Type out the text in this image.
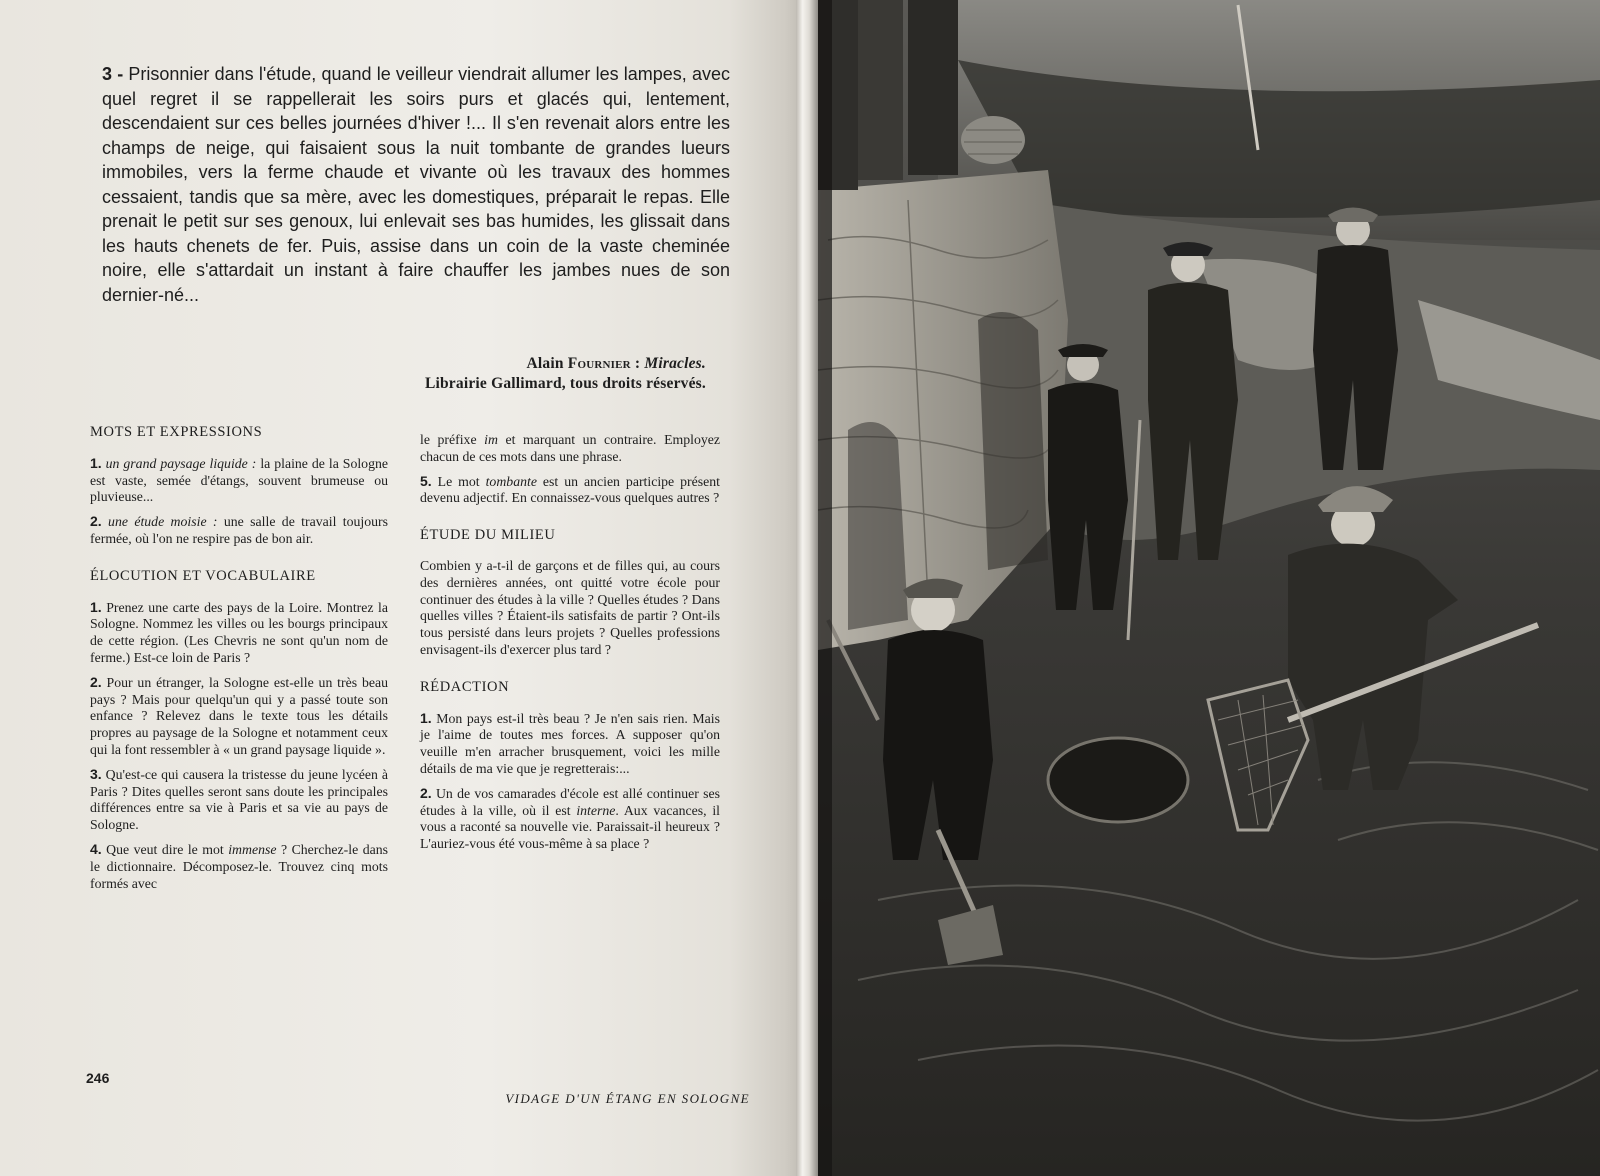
3 - Prisonnier dans l'étude, quand le veilleur viendrait allumer les lampes, avec quel regret il se rappellerait les soirs purs et glacés qui, lentement, descendaient sur ces belles journées d'hiver !... Il s'en revenait alors entre les champs de neige, qui faisaient sous la nuit tombante de grandes lueurs immobiles, vers la ferme chaude et vivante où les travaux des hommes cessaient, tandis que sa mère, avec les domestiques, préparait le repas. Elle prenait le petit sur ses genoux, lui enlevait ses bas humides, les glissait dans les hauts chenets de fer. Puis, assise dans un coin de la vaste cheminée noire, elle s'attardait un instant à faire chauffer les jambes nues de son dernier-né...

Alain Fournier : Miracles.
Librairie Gallimard, tous droits réservés.
MOTS ET EXPRESSIONS

1. un grand paysage liquide : la plaine de la Sologne est vaste, semée d'étangs, souvent brumeuse ou pluvieuse...

2. une étude moisie : une salle de travail toujours fermée, où l'on ne respire pas de bon air.

ÉLOCUTION ET VOCABULAIRE

1. Prenez une carte des pays de la Loire. Montrez la Sologne. Nommez les villes ou les bourgs principaux de cette région. (Les Chevris ne sont qu'un nom de ferme.) Est-ce loin de Paris ?

2. Pour un étranger, la Sologne est-elle un très beau pays ? Mais pour quelqu'un qui y a passé toute son enfance ? Relevez dans le texte tous les détails propres au paysage de la Sologne et notamment ceux qui la font ressembler à « un grand paysage liquide ».

3. Qu'est-ce qui causera la tristesse du jeune lycéen à Paris ? Dites quelles seront sans doute les principales différences entre sa vie à Paris et sa vie au pays de Sologne.

4. Que veut dire le mot immense ? Cherchez-le dans le dictionnaire. Décomposez-le. Trouvez cinq mots formés avec

le préfixe im et marquant un contraire. Employez chacun de ces mots dans une phrase.

5. Le mot tombante est un ancien participe présent devenu adjectif. En connaissez-vous quelques autres ?

ÉTUDE DU MILIEU

Combien y a-t-il de garçons et de filles qui, au cours des dernières années, ont quitté votre école pour continuer des études à la ville ? Quelles études ? Dans quelles villes ? Étaient-ils satisfaits de partir ? Ont-ils tous persisté dans leurs projets ? Quelles professions envisagent-ils d'exercer plus tard ?

RÉDACTION

1. Mon pays est-il très beau ? Je n'en sais rien. Mais je l'aime de toutes mes forces. A supposer qu'on veuille m'en arracher brusquement, voici les mille détails de ma vie que je regretterais:...

2. Un de vos camarades d'école est allé continuer ses études à la ville, où il est interne. Aux vacances, il vous a raconté sa nouvelle vie. Paraissait-il heureux ? L'auriez-vous été vous-même à sa place ?

246
VIDAGE D'UN ÉTANG EN SOLOGNE
